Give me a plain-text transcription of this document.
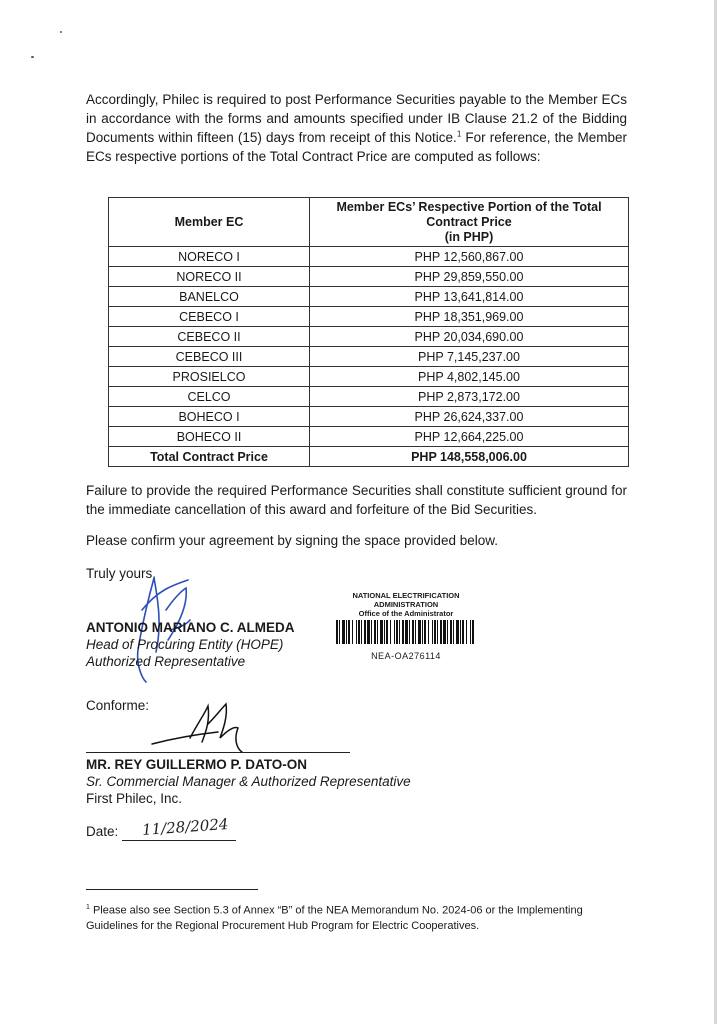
Accordingly, Philec is required to post Performance Securities payable to the Member ECs in accordance with the forms and amounts specified under IB Clause 21.2 of the Bidding Documents within fifteen (15) days from receipt of this Notice.$^1$ For reference, the Member ECs respective portions of the Total Contract Price are computed as follows:

Member EC	Member ECs’ Respective Portion of the Total Contract Price
(in PHP)
NORECO I	PHP 12,560,867.00
NORECO II	PHP 29,859,550.00
BANELCO	PHP 13,641,814.00
CEBECO I	PHP 18,351,969.00
CEBECO II	PHP 20,034,690.00
CEBECO III	PHP 7,145,237.00
PROSIELCO	PHP 4,802,145.00
CELCO	PHP 2,873,172.00
BOHECO I	PHP 26,624,337.00
BOHECO II	PHP 12,664,225.00
Total Contract Price	PHP 148,558,006.00

Failure to provide the required Performance Securities shall constitute sufficient ground for the immediate cancellation of this award and forfeiture of the Bid Securities.

Please confirm your agreement by signing the space provided below.

Truly yours,
ANTONIO MARIANO C. ALMEDA
Head of Procuring Entity (HOPE)
Authorized Representative
NATIONAL ELECTRIFICATION
ADMINISTRATION
Office of the Administrator
NEA-OA276114
Conforme:
MR. REY GUILLERMO P. DATO-ON
Sr. Commercial Manager & Authorized Representative
First Philec, Inc.
Date: 11/28/2024

$^1$ Please also see Section 5.3 of Annex “B” of the NEA Memorandum No. 2024-06 or the Implementing Guidelines for the Regional Procurement Hub Program for Electric Cooperatives.
